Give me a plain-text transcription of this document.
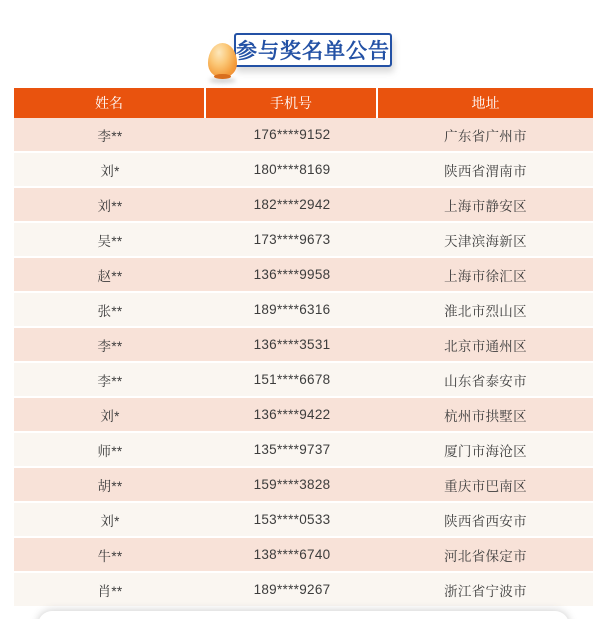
参与奖名单公告
姓名	手机号	地址
李**	176****9152	广东省广州市
刘*	180****8169	陕西省渭南市
刘**	182****2942	上海市静安区
吴**	173****9673	天津滨海新区
赵**	136****9958	上海市徐汇区
张**	189****6316	淮北市烈山区
李**	136****3531	北京市通州区
李**	151****6678	山东省泰安市
刘*	136****9422	杭州市拱墅区
师**	135****9737	厦门市海沧区
胡**	159****3828	重庆市巴南区
刘*	153****0533	陕西省西安市
牛**	138****6740	河北省保定市
肖**	189****9267	浙江省宁波市
